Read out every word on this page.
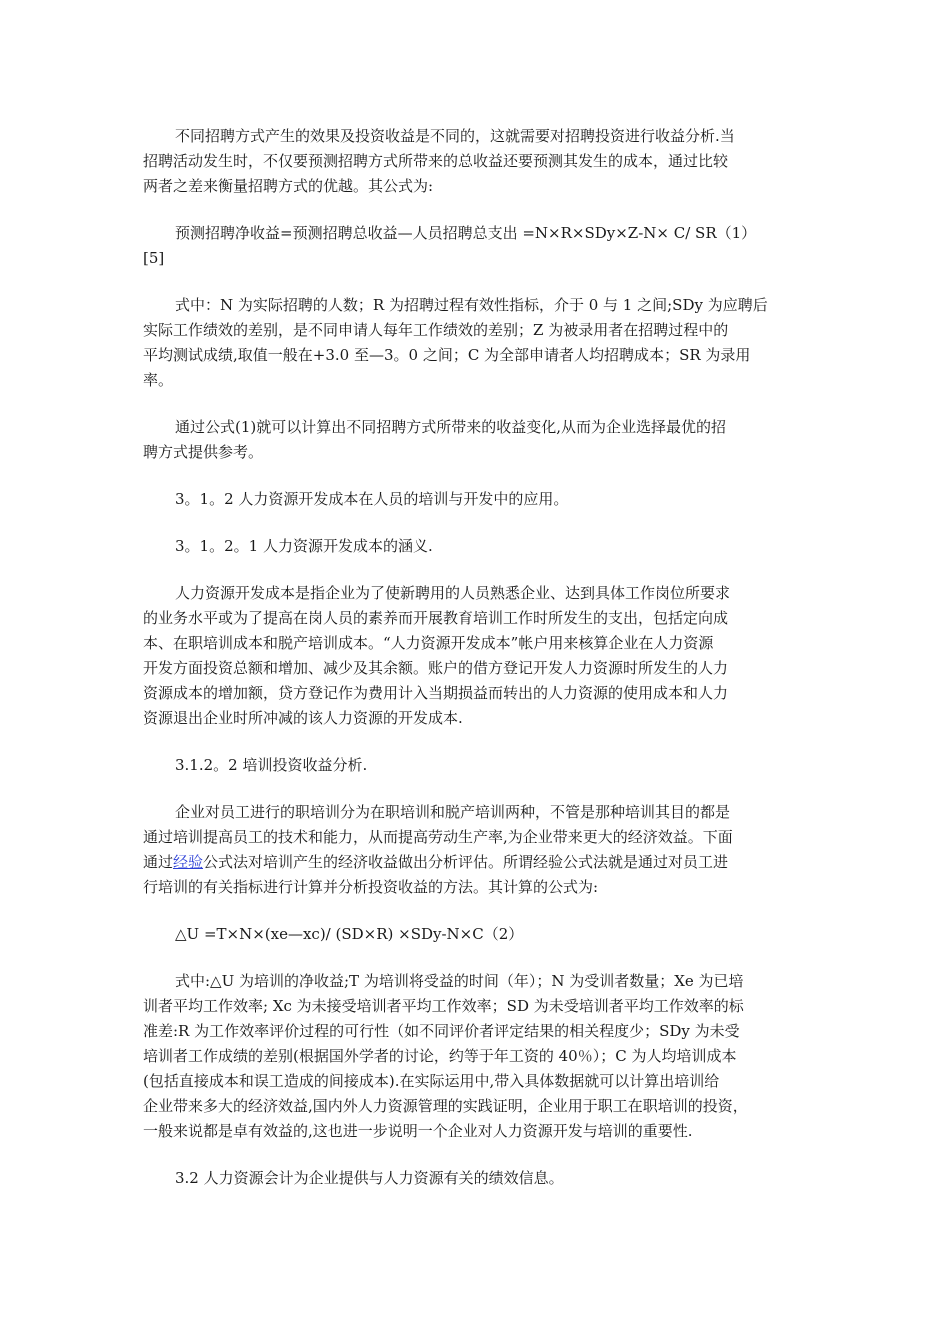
不同招聘方式产生的效果及投资收益是不同的，这就需要对招聘投资进行收益分析.当
招聘活动发生时，不仅要预测招聘方式所带来的总收益还要预测其发生的成本，通过比较
两者之差来衡量招聘方式的优越。其公式为:
预测招聘净收益=预测招聘总收益—人员招聘总支出 =N×R×SDy×Z-N× C/ SR（1）
[5]
式中：N 为实际招聘的人数；R 为招聘过程有效性指标，介于 0 与 1 之间;SDy 为应聘后
实际工作绩效的差别，是不同申请人每年工作绩效的差别；Z 为被录用者在招聘过程中的
平均测试成绩,取值一般在+3.0 至—3。0 之间；C 为全部申请者人均招聘成本；SR 为录用
率。
通过公式(1)就可以计算出不同招聘方式所带来的收益变化,从而为企业选择最优的招
聘方式提供参考。
3。1。2 人力资源开发成本在人员的培训与开发中的应用。
3。1。2。1 人力资源开发成本的涵义.
人力资源开发成本是指企业为了使新聘用的人员熟悉企业、达到具体工作岗位所要求
的业务水平或为了提高在岗人员的素养而开展教育培训工作时所发生的支出，包括定向成
本、在职培训成本和脱产培训成本。“人力资源开发成本”帐户用来核算企业在人力资源
开发方面投资总额和增加、减少及其余额。账户的借方登记开发人力资源时所发生的人力
资源成本的增加额，贷方登记作为费用计入当期损益而转出的人力资源的使用成本和人力
资源退出企业时所冲减的该人力资源的开发成本.
3.1.2。2 培训投资收益分析.
企业对员工进行的职培训分为在职培训和脱产培训两种，不管是那种培训其目的都是
通过培训提高员工的技术和能力，从而提高劳动生产率,为企业带来更大的经济效益。下面
通过经验公式法对培训产生的经济收益做出分析评估。所谓经验公式法就是通过对员工进
行培训的有关指标进行计算并分析投资收益的方法。其计算的公式为:
△U =T×N×(xe—xc)/ (SD×R) ×SDy-N×C（2）
式中:△U 为培训的净收益;T 为培训将受益的时间（年）；N 为受训者数量；Xe 为已培
训者平均工作效率; Xc 为未接受培训者平均工作效率；SD 为未受培训者平均工作效率的标
准差:R 为工作效率评价过程的可行性（如不同评价者评定结果的相关程度少；SDy 为未受
培训者工作成绩的差别(根据国外学者的讨论，约等于年工资的 40％）；C 为人均培训成本
(包括直接成本和误工造成的间接成本).在实际运用中,带入具体数据就可以计算出培训给
企业带来多大的经济效益,国内外人力资源管理的实践证明，企业用于职工在职培训的投资，
一般来说都是卓有效益的,这也进一步说明一个企业对人力资源开发与培训的重要性.
3.2 人力资源会计为企业提供与人力资源有关的绩效信息。
